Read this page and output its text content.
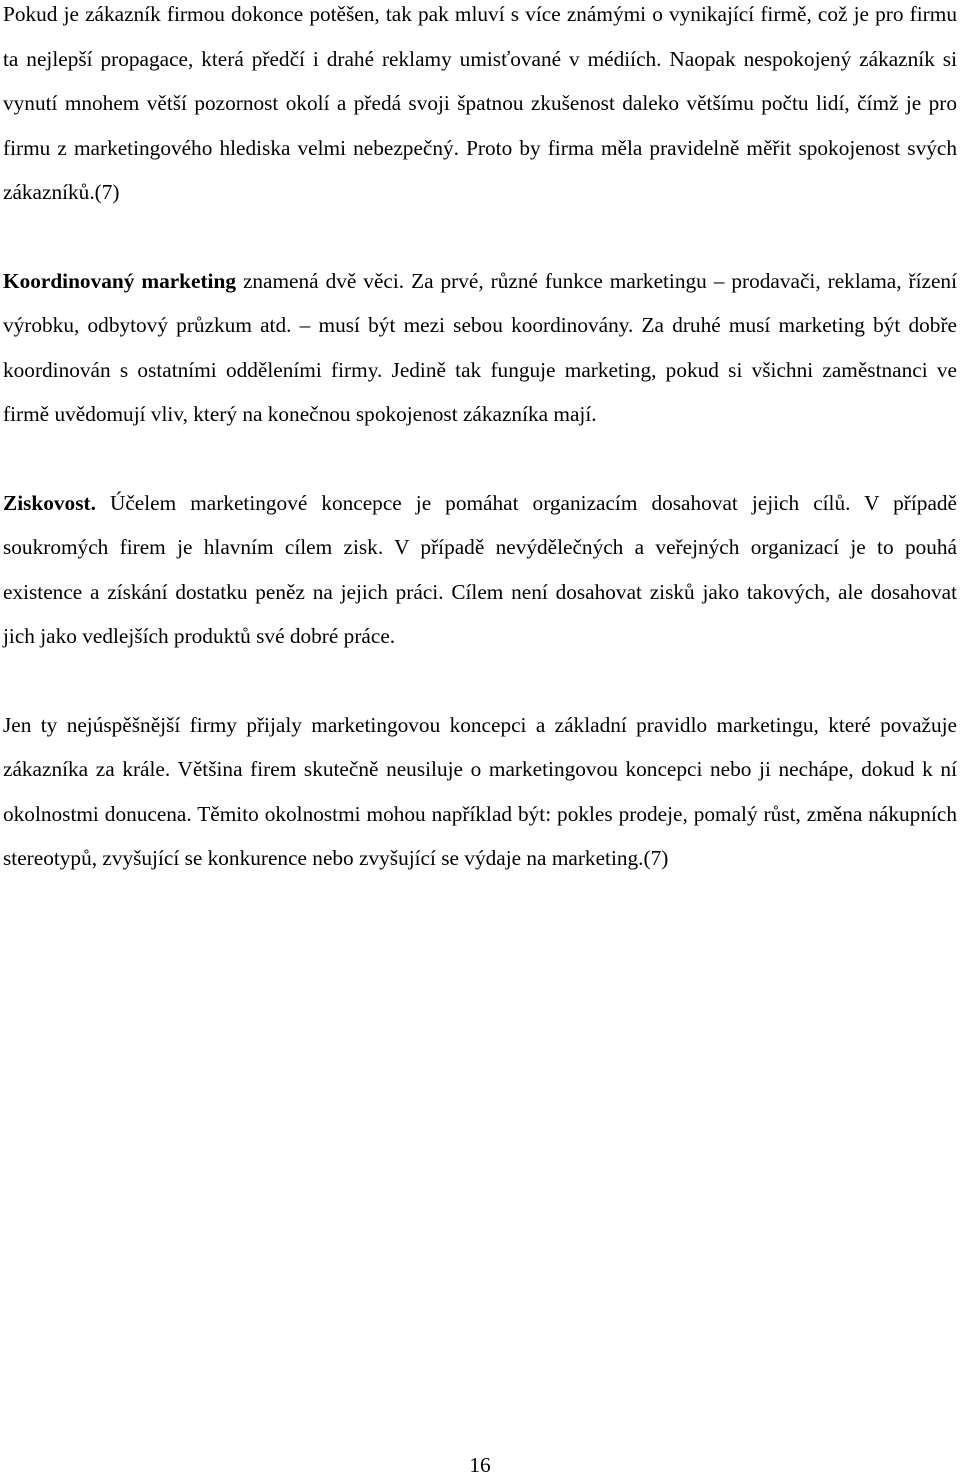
Pokud je zákazník firmou dokonce potěšen, tak pak mluví s více známými o vynikající firmě, což je pro firmu ta nejlepší propagace, která předčí i drahé reklamy umisťované v médiích. Naopak nespokojený zákazník si vynutí mnohem větší pozornost okolí a předá svoji špatnou zkušenost daleko většímu počtu lidí, čímž je pro firmu z marketingového hlediska velmi nebezpečný. Proto by firma měla pravidelně měřit spokojenost svých zákazníků.(7)

Koordinovaný marketing znamená dvě věci. Za prvé, různé funkce marketingu – prodavači, reklama, řízení výrobku, odbytový průzkum atd. – musí být mezi sebou koordinovány. Za druhé musí marketing být dobře koordinován s ostatními odděleními firmy. Jedině tak funguje marketing, pokud si všichni zaměstnanci ve firmě uvědomují vliv, který na konečnou spokojenost zákazníka mají.

Ziskovost. Účelem marketingové koncepce je pomáhat organizacím dosahovat jejich cílů. V případě soukromých firem je hlavním cílem zisk. V případě nevýdělečných a veřejných organizací je to pouhá existence a získání dostatku peněz na jejich práci. Cílem není dosahovat zisků jako takových, ale dosahovat jich jako vedlejších produktů své dobré práce.

Jen ty nejúspěšnější firmy přijaly marketingovou koncepci a základní pravidlo marketingu, které považuje zákazníka za krále. Většina firem skutečně neusiluje o marketingovou koncepci nebo ji nechápe, dokud k ní okolnostmi donucena. Těmito okolnostmi mohou například být: pokles prodeje, pomalý růst, změna nákupních stereotypů, zvyšující se konkurence nebo zvyšující se výdaje na marketing.(7)

16
